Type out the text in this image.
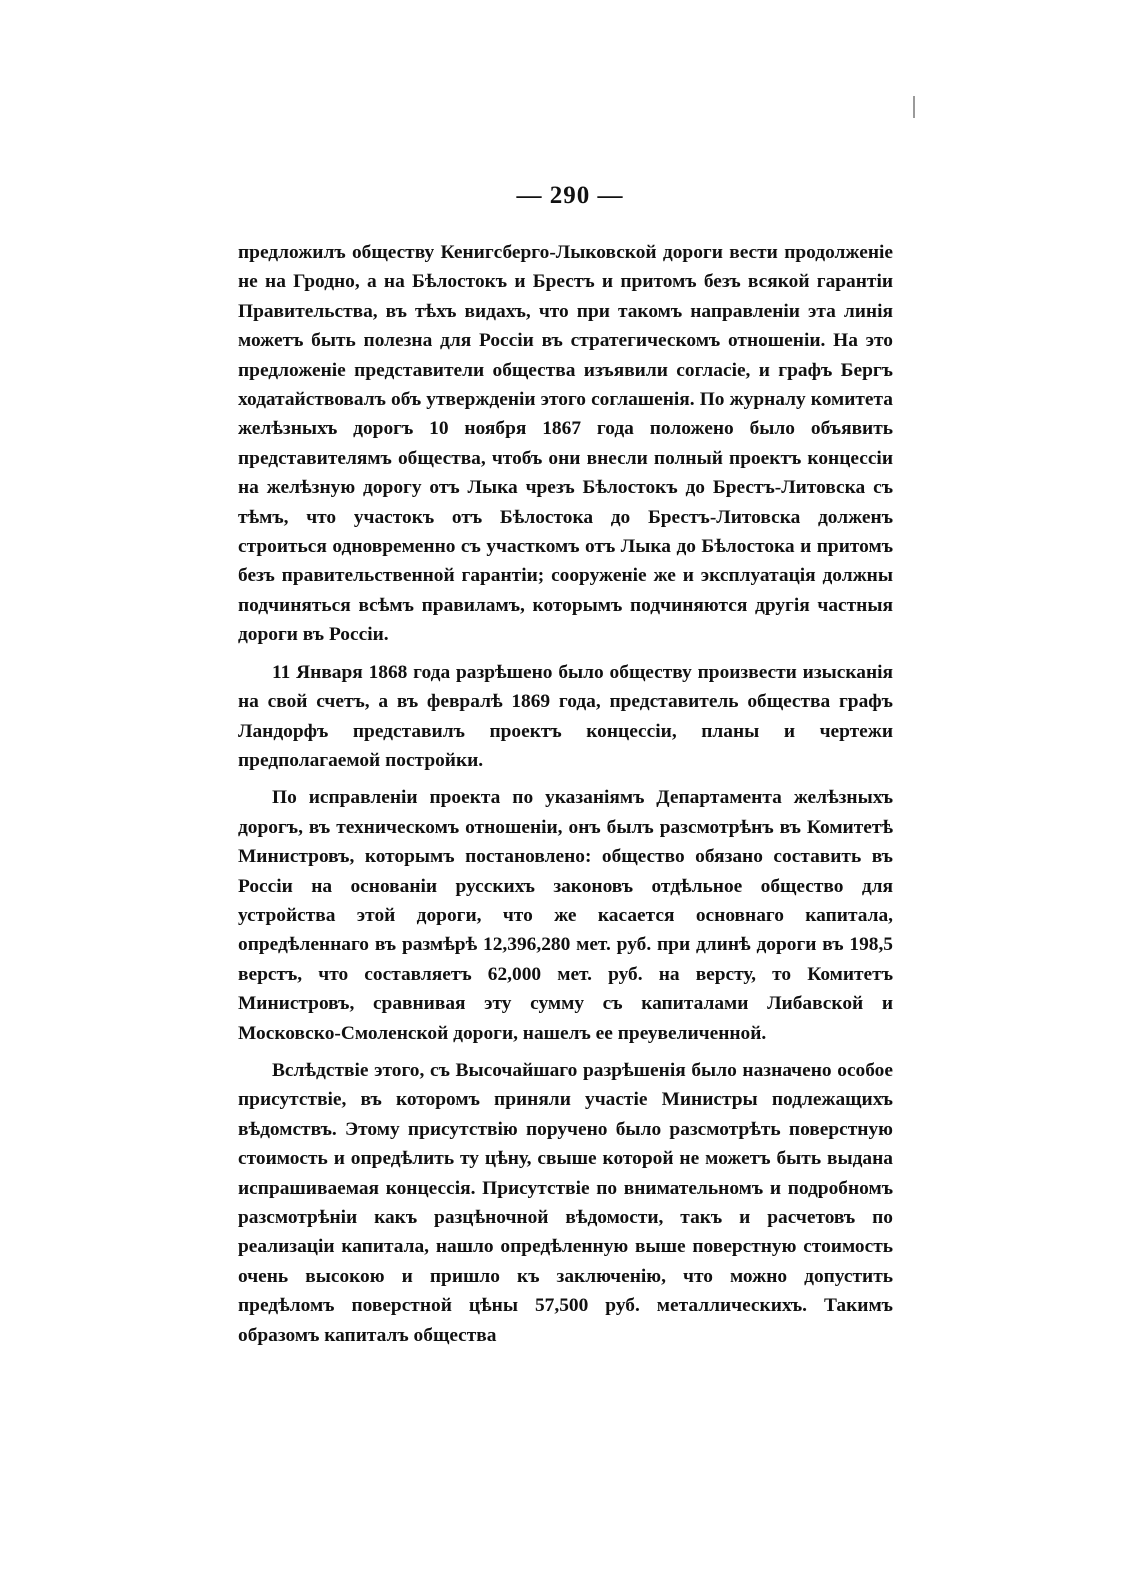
— 290 —

предложилъ обществу Кенигсберго-Лыковской дороги вести продолженіе не на Гродно, а на Бѣлостокъ и Брестъ и притомъ безъ всякой гарантіи Правительства, въ тѣхъ видахъ, что при такомъ направленіи эта линія можетъ быть полезна для Россіи въ стратегическомъ отношеніи. На это предложеніе представители общества изъявили согласіе, и графъ Бергъ ходатайствовалъ объ утвержденіи этого соглашенія. По журналу комитета желѣзныхъ дорогъ 10 ноября 1867 года положено было объявить представителямъ общества, чтобъ они внесли полный проектъ концессіи на желѣзную дорогу отъ Лыка чрезъ Бѣлостокъ до Брестъ-Литовска съ тѣмъ, что участокъ отъ Бѣлостока до Брестъ-Литовска долженъ строиться одновременно съ участкомъ отъ Лыка до Бѣлостока и притомъ безъ правительственной гарантіи; сооруженіе же и эксплуатація должны подчиняться всѣмъ правиламъ, которымъ подчиняются другія частныя дороги въ Россіи.

11 Января 1868 года разрѣшено было обществу произвести изысканія на свой счетъ, а въ февралѣ 1869 года, представитель общества графъ Ландорфъ представилъ проектъ концессіи, планы и чертежи предполагаемой постройки.

По исправленіи проекта по указаніямъ Департамента желѣзныхъ дорогъ, въ техническомъ отношеніи, онъ былъ разсмотрѣнъ въ Комитетѣ Министровъ, которымъ постановлено: общество обязано составить въ Россіи на основаніи русскихъ законовъ отдѣльное общество для устройства этой дороги, что же касается основнаго капитала, опредѣленнаго въ размѣрѣ 12,396,280 мет. руб. при длинѣ дороги въ 198,5 верстъ, что составляетъ 62,000 мет. руб. на версту, то Комитетъ Министровъ, сравнивая эту сумму съ капиталами Либавской и Московско-Смоленской дороги, нашелъ ее преувеличенной.

Вслѣдствіе этого, съ Высочайшаго разрѣшенія было назначено особое присутствіе, въ которомъ приняли участіе Министры подлежащихъ вѣдомствъ. Этому присутствію поручено было разсмотрѣть поверстную стоимость и опредѣлить ту цѣну, свыше которой не можетъ быть выдана испрашиваемая концессія. Присутствіе по внимательномъ и подробномъ разсмотрѣніи какъ разцѣночной вѣдомости, такъ и расчетовъ по реализаціи капитала, нашло опредѣленную выше поверстную стоимость очень высокою и пришло къ заключенію, что можно допустить предѣломъ поверстной цѣны 57,500 руб. металлическихъ. Такимъ образомъ капиталъ общества
